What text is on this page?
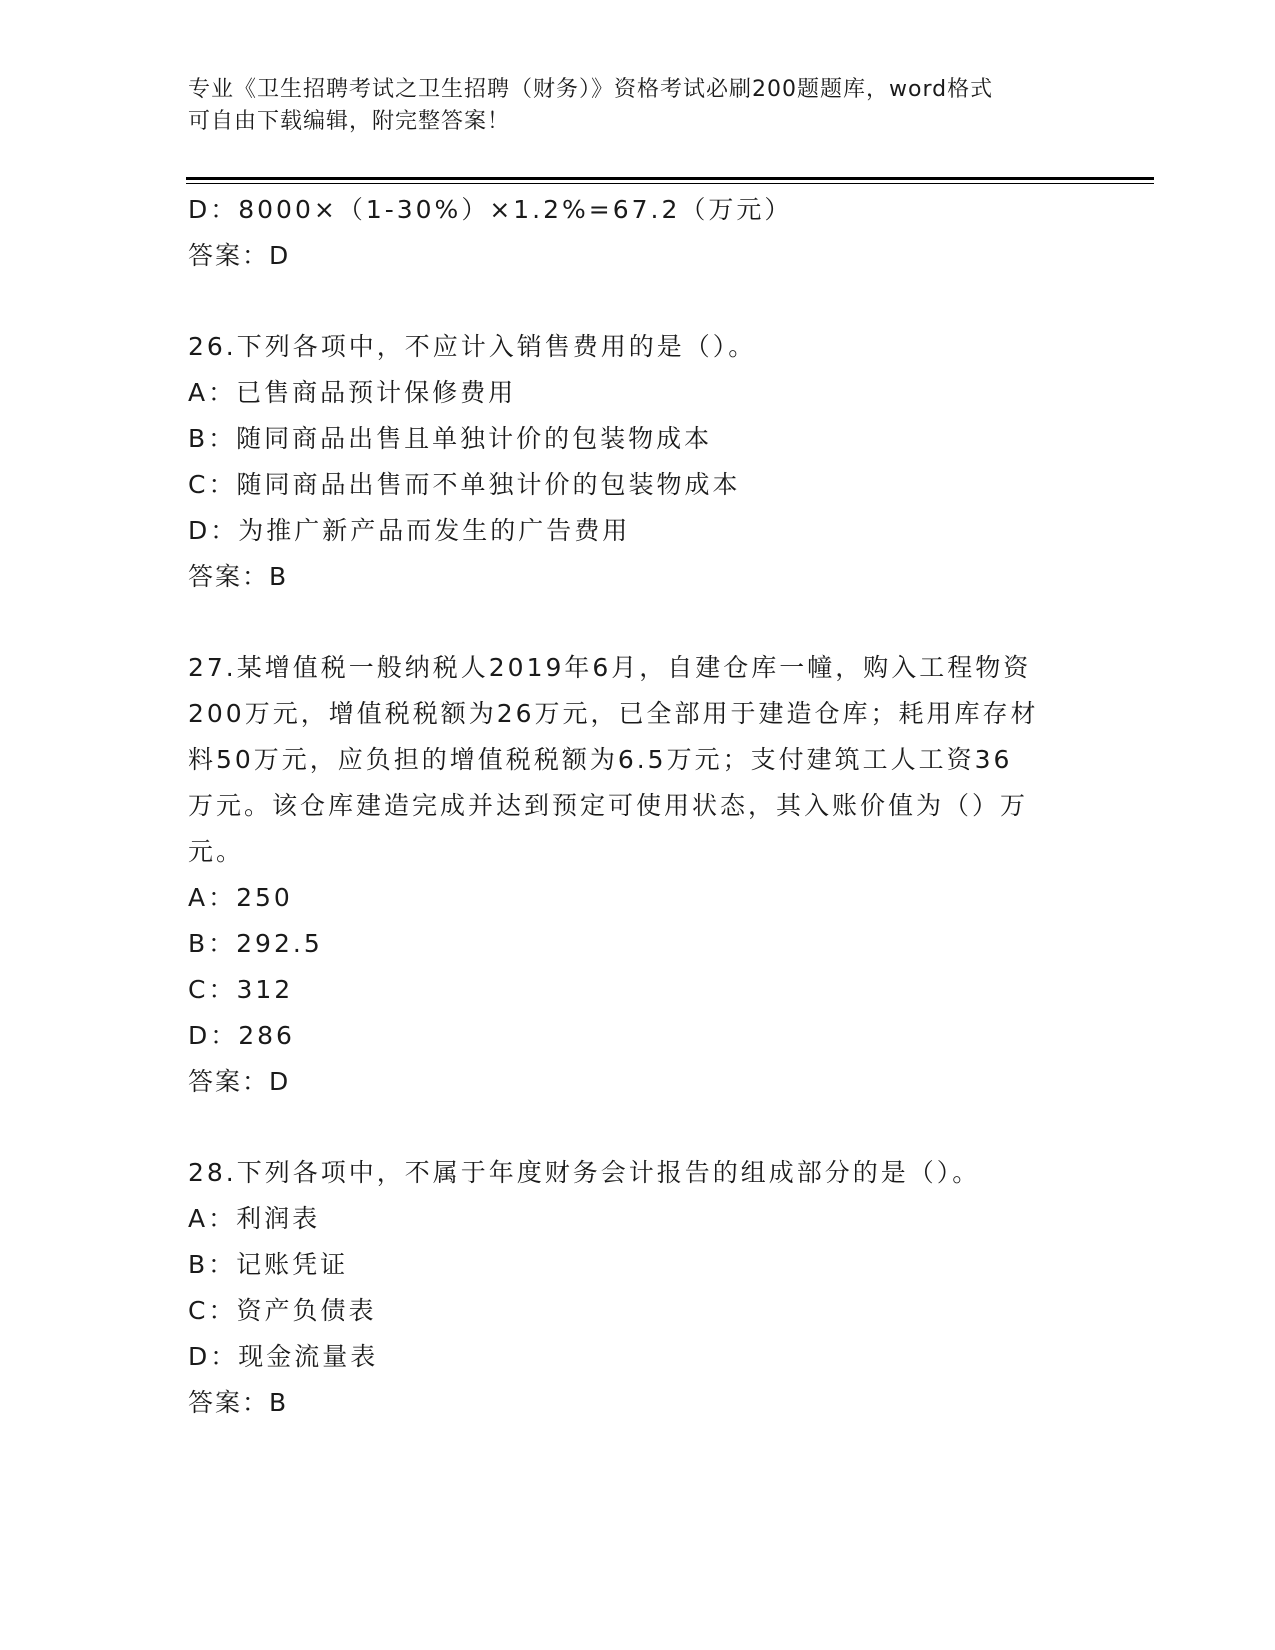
专业《卫生招聘考试之卫生招聘（财务）》资格考试必刷200题题库，word格式
可自由下载编辑，附完整答案！
D：8000×（1-30%）×1.2%=67.2（万元）
答案：D
26.下列各项中，不应计入销售费用的是（）。
A：已售商品预计保修费用
B：随同商品出售且单独计价的包装物成本
C：随同商品出售而不单独计价的包装物成本
D：为推广新产品而发生的广告费用
答案：B
27.某增值税一般纳税人2019年6月，自建仓库一幢，购入工程物资
200万元，增值税税额为26万元，已全部用于建造仓库；耗用库存材
料50万元，应负担的增值税税额为6.5万元；支付建筑工人工资36
万元。该仓库建造完成并达到预定可使用状态，其入账价值为（）万
元。
A：250
B：292.5
C：312
D：286
答案：D
28.下列各项中，不属于年度财务会计报告的组成部分的是（）。
A：利润表
B：记账凭证
C：资产负债表
D：现金流量表
答案：B
